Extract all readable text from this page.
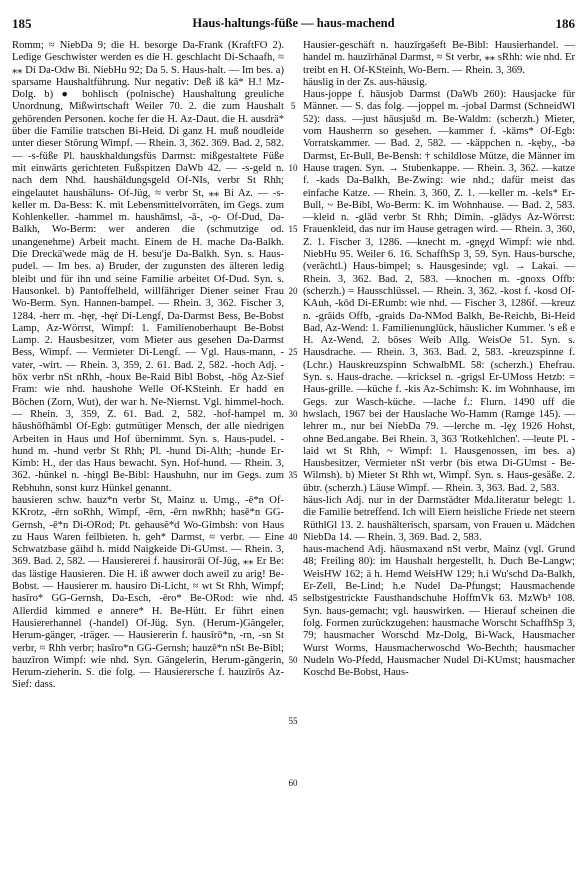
185	Haus-haltungs-füße — haus-machend	186

Romm; ≈ NiebDa 9; die H. besorge Da-Frank (KraftFO 2). Ledige Geschwister werden es die H. geschlacht Di-Schaafh, ≈ ⁎⁎ Di Da-Odw Bi. NiebHu 92; Da 5. S. Haus-halt. — Im bes. a) sparsame Haushaltführung. Nur negativ: Deß iß kā* H.! Mz-Dolg. b) ● bohlisch (polnische) Haushaltung greuliche Unordnung, Mißwirtschaft Weiler 70. 2. die zum Haushalt gehörenden Personen. koche fer die H. Az-Daut. die H. ausdrä* über die Familie tratschen Bi-Heid. Di ganz H. muß noudleide unter dieser Störung Wimpf. — Rhein. 3, 362. 369. Bad. 2, 582. — -s-füße Pl. hauskhaldungsfüs Darmst: mißgestaltete Füße mit einwärts gerichteten Fußspitzen DaWb 42. — -s-geld n. nach dem Nhd. haushäldungsgeld Of-NIs, verbr St Rhh; eingelautet haushäluns- Of-Jüg, ≈ verbr St, ⁎⁎ Bi Az. — -s-keller m. Da-Bess: K. mit Lebensmittelvorräten, im Gegs. zum Kohlenkeller. -hammel m. haushāmsl, -ā-, -ọ- Of-Dud, Da-Balkh, Wo-Berm: wer anderen die (schmutzige od. unangenehme) Arbeit macht. Einem de H. mache Da-Balkh. Die Dreckä'wede mäg de H. besu'je Da-Balkh. Syn. s. Haus-pudel. — Im bes. a) Bruder, der zugunsten des älteren ledig bleibt und für ihn und seine Familie arbeitet Of-Dud. Syn. s. Hausonkel. b) Pantoffelheld, willfähriger Diener seiner Frau Wo-Berm. Syn. Hannen-bampel. — Rhein. 3, 362. Fischer 3, 1284. -herr m. -hęr, -hęṙ Di-Lengf, Da-Darmst Bess, Be-Bobst Lamp, Az-Wörrst, Wimpf: 1. Familienoberhaupt Be-Bobst Lamp. 2. Hausbesitzer, vom Mieter aus gesehen Da-Darmst Bess, Wimpf. — Vermieter Di-Lengf. — Vgl. Haus-mann, -vater, -wirt. — Rhein. 3, 359, 2. 61. Bad. 2, 582. -hoch Adj. -hōx verbr nSt nRhh, -houx Be-Raid Bibl Bobst, -hōg Az-Sief Fram: wie nhd. haushohe Welle Of-KSteinh. Er hadd en Bōchen (Zorn, Wut), der war h. Ne-Niernst. Vgl. himmel-hoch. — Rhein. 3, 359, Z. 61. Bad. 2, 582. -hof-hampel m. hāushōfhāmbl Of-Egb: gutmütiger Mensch, der alle niedrigen Arbeiten in Haus und Hof übernimmt. Syn. s. Haus-pudel. -hund m. -hund verbr St Rhh; Pl. -hund Di-Alth; -hunde Er-Kimb: H., der das Haus bewacht. Syn. Hof-hund. — Rhein. 3, 362. -hünkel n. -hiŋgl Be-Bibl: Haushuhn, nur im Gegs. zum Rebhuhn, sonst kurz Hünkel genannt.

hausieren schw. hauz*n verbr St, Mainz u. Umg., -ē*n Of-KKrotz, -ērn soRhh, Wimpf, -ērn, -ērn nwRhh; hasē*n GG-Gernsh, -ē*n Di-ORod; Pt. gehausē*d Wo-Gimbsh: von Haus zu Haus Waren feilbieten. h. geh* Darmst, ≈ verbr. — Eine Schwatzbase gāihd h. midd Naigkeide Di-GUmst. — Rhein. 3, 369. Bad. 2, 582. — Hausiererei f. hausirorāi Of-Jüg, ⁎⁎ Er Be: das lästige Hausieren. Die H. iß awwer doch aweil zu arig! Be-Bobst. — Hausierer m. hausiro Di-Licht, ≈ wt St Rhh, Wimpf; hasīro* GG-Gernsh, Da-Esch, -ēro* Be-ORod: wie nhd. Allerdid kimmed e annere* H. Be-Hütt. Er führt einen Hausiererhannel (-handel) Of-Jüg. Syn. (Herum-)Gängeler, Herum-gänger, -träger. — Hausiererin f. hausīrō*n, -rn, -sn St verbr, ≈ Rhh verbr; hasīro*n GG-Gernsh; hauzē*n nSt Be-Bibl; hauzīron Wimpf: wie nhd. Syn. Gängelerin, Herum-gängerin, Herum-zieherin. S. die folg. — Hausierersche f. hauzīrōs Az-Sief: dass.

5
10
15
20
25
30
35
40
45
50
55
60

Hausier-geschäft n. hauzīrgəšeft Be-Bibl: Hausierhandel. —handel m. hauzīrhānəl Darmst, ≈ St verbr, ⁎⁎ sRhh: wie nhd. Er treibt en H. Of-KSteinh, Wo-Bern. — Rhein. 3, 369.

häuslig in der Zs. aus-häusig.

Haus-joppe f. hāusjob Darmst (DaWb 260): Hausjacke für Männer. — S. das folg. —joppel m. -jobəl Darmst (SchneidWl 52): dass. —just hāusjušd m. Be-Waldm: (scherzh.) Mieter, vom Hausherrn so gesehen. —kammer f. -kāms* Of-Egb: Vorratskammer. — Bad. 2, 582. — -käppchen n. -kęby,, -bə Darmst, Er-Bull, Be-Bensh: † schildlose Mütze, die Männer im Hause tragen. Syn. → Stubenkappe. — Rhein. 3, 362. —katze f. -kads Da-Balkh, Be-Zwing: wie nhd.; dafür meist das einfache Katze. — Rhein. 3, 360, Z. 1. —keller m. -kels* Er-Bull, ~ Be-Bibl, Wo-Berm: K. im Wohnhause. — Bad. 2, 583. —kleid n. -glād verbr St Rhh; Dimin. -glādys Az-Wörrst: Frauenkleid, das nur im Hause getragen wird. — Rhein. 3, 360, Z. 1. Fischer 3, 1286. —knecht m. -gnęχd Wimpf: wie nhd. NiebHu 95. Weiler 6. 16. SchaffhSp 3, 59. Syn. Haus-bursche, (verächtl.) Haus-bimpel; s. Hausgesinde; vgl. → Lakai. — Rhein. 3, 362. Bad. 2, 583. —knochen m. -gnoxs Offb: (scherzh.) = Hausschlüssel. — Rhein. 3, 362. -kost f. -kosd Of-KAuh, -kōd Di-ERumb: wie nhd. — Fischer 3, 1286f. —kreuz n. -grāids Offb, -graids Da-NMod Balkh, Be-Reichb, Bi-Heid Bad, Az-Wend: 1. Familienunglück, häuslicher Kummer. 's eß e H. Az-Wend. 2. böses Weib Allg. WeisOe 51. Syn. s. Hausdrache. — Rhein. 3, 363. Bad. 2, 583. -kreuzspinne f. (Lchr.) Hauskreuzspinn SchwalbML 58: (scherzh.) Ehefrau. Syn. s. Haus-drache. —kricksel n. -grigsl Er-UMoss Hetzb: = Haus-grille. —küche f. -kis Az-Schimsh: K. im Wohnhause, im Gegs. zur Wasch-küche. —lache f.: Flurn. 1490 uff die hwslach, 1967 bei der Hauslache Wo-Hamm (Ramge 145). —lehrer m., nur bei NiebDa 79. —lerche m. -lęχ 1926 Hohst, ohne Bed.angabe. Bei Rhein. 3, 363 'Rotkehlchen'. —leute Pl. -laid wt St Rhh, ~ Wimpf: 1. Hausgenossen, im bes. a) Hausbesitzer, Vermieter nSt verbr (bis etwa Di-GUmst - Be-Wilmsh). b) Mieter St Rhh wt, Wimpf. Syn. s. Haus-gesäße. 2. übtr. (scherzh.) Läuse Wimpf. — Rhein. 3, 363. Bad. 2, 583.

häus-lich Adj. nur in der Darmstädter Mda.literatur belegt: 1. die Familie betreffend. Ich will Eiern heisliche Friede net steern RüthlGl 13. 2. haushälterisch, sparsam, von Frauen u. Mädchen NiebDa 14. — Rhein. 3, 369. Bad. 2, 583.

haus-machend Adj. hāusmaxənd nSt verbr, Mainz (vgl. Grund 48; Freiling 80): im Haushalt hergestellt. h. Duch Be-Langw; WeisHW 162; ä h. Hemd WeisHW 129; h.i Wu'schd Da-Balkh, Er-Zell, Be-Lind; h.e Nudel Da-Pfungst; Hausmachende selbstgestrickte Fausthandschuhe HoffmVk 63. MzWb³ 108. Syn. haus-gemacht; vgl. hauswirken. — Hierauf scheinen die folg. Formen zurückzugehen: hausmache Worscht SchaffhSp 3, 79; hausmacher Worschd Mz-Dolg, Bi-Wack, Hausmacher Wurst Worms, Hausmacherwoschd Wo-Bechth; hausmacher Nudeln Wo-Pfedd, Hausmacher Nudel Di-KUmst; hausmacher Koschd Be-Bobst, Haus-
